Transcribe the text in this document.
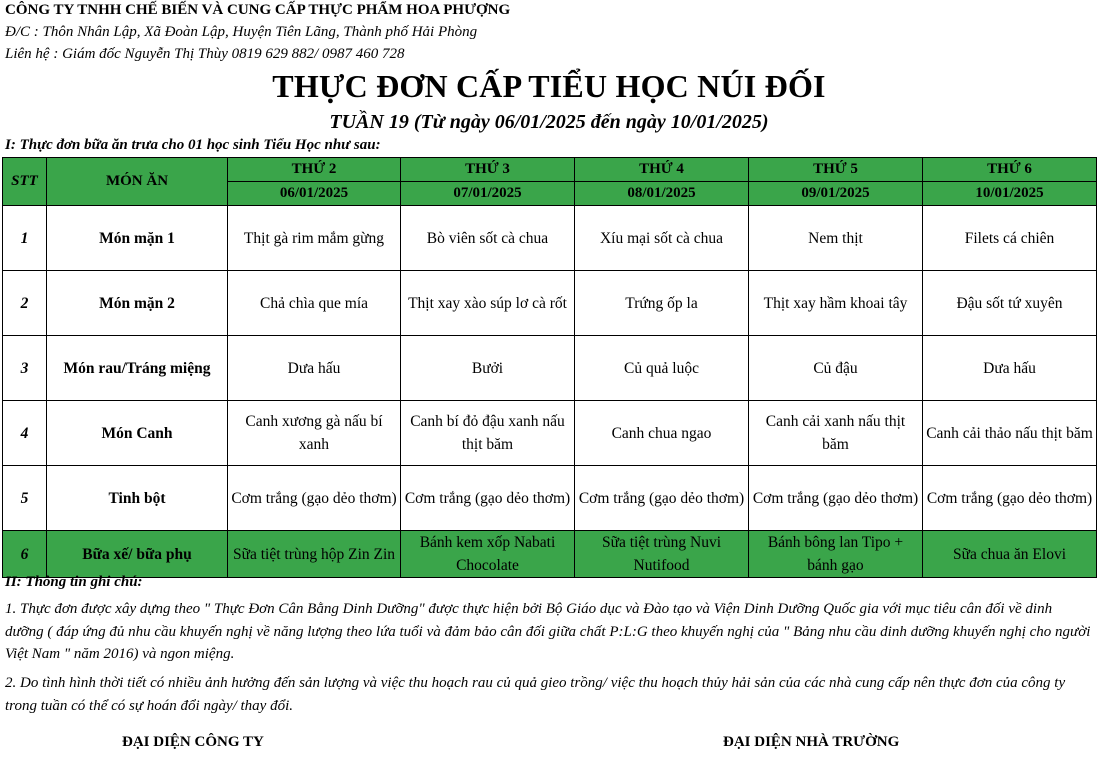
CÔNG TY TNHH CHẾ BIẾN VÀ CUNG CẤP THỰC PHẨM HOA PHƯỢNG
Đ/C : Thôn Nhân Lập, Xã Đoàn Lập, Huyện Tiên Lãng, Thành phố Hải Phòng
Liên hệ : Giám đốc Nguyễn Thị Thùy 0819 629 882/ 0987 460 728
THỰC ĐƠN CẤP TIỂU HỌC NÚI ĐỐI
TUẦN 19 (Từ ngày 06/01/2025 đến ngày 10/01/2025)
I: Thực đơn bữa ăn trưa cho 01 học sinh Tiểu Học như sau:
STT	MÓN ĂN	THỨ 2	THỨ 3	THỨ 4	THỨ 5	THỨ 6
		06/01/2025	07/01/2025	08/01/2025	09/01/2025	10/01/2025
1	Món mặn 1	Thịt gà rim mắm gừng	Bò viên sốt cà chua	Xíu mại sốt cà chua	Nem thịt	Filets cá chiên
2	Món mặn 2	Chả chìa que mía	Thịt xay xào súp lơ cà rốt	Trứng ốp la	Thịt xay hầm khoai tây	Đậu sốt tứ xuyên
3	Món rau/Tráng miệng	Dưa hấu	Bưởi	Củ quả luộc	Củ đậu	Dưa hấu
4	Món Canh	Canh xương gà nấu bí xanh	Canh bí đỏ đậu xanh nấu thịt băm	Canh chua ngao	Canh cải xanh nấu thịt băm	Canh cải thảo nấu thịt băm
5	Tinh bột	Cơm trắng (gạo dẻo thơm)	Cơm trắng (gạo dẻo thơm)	Cơm trắng (gạo dẻo thơm)	Cơm trắng (gạo dẻo thơm)	Cơm trắng (gạo dẻo thơm)
6	Bữa xế/ bữa phụ	Sữa tiệt trùng hộp Zin Zin	Bánh kem xốp Nabati Chocolate	Sữa tiệt trùng Nuvi Nutifood	Bánh bông lan Tipo + bánh gạo	Sữa chua ăn Elovi
II: Thông tin ghi chú:
1. Thực đơn được xây dựng theo " Thực Đơn Cân Bằng Dinh Dưỡng" được thực hiện bởi Bộ Giáo dục và Đào tạo và Viện Dinh Dưỡng Quốc gia với mục tiêu cân đối về dinh dưỡng ( đáp ứng đủ nhu cầu khuyến nghị về năng lượng theo lứa tuổi và đảm bảo cân đối giữa chất P:L:G theo khuyến nghị của " Bảng nhu cầu dinh dưỡng khuyến nghị cho người Việt Nam " năm 2016) và ngon miệng.
2. Do tình hình thời tiết có nhiều ảnh hưởng đến sản lượng và việc thu hoạch rau củ quả gieo trồng/ việc thu hoạch thủy hải sản của các nhà cung cấp nên thực đơn của công ty trong tuần có thể có sự hoán đổi ngày/ thay đổi.
ĐẠI DIỆN CÔNG TY	ĐẠI DIỆN NHÀ TRƯỜNG
